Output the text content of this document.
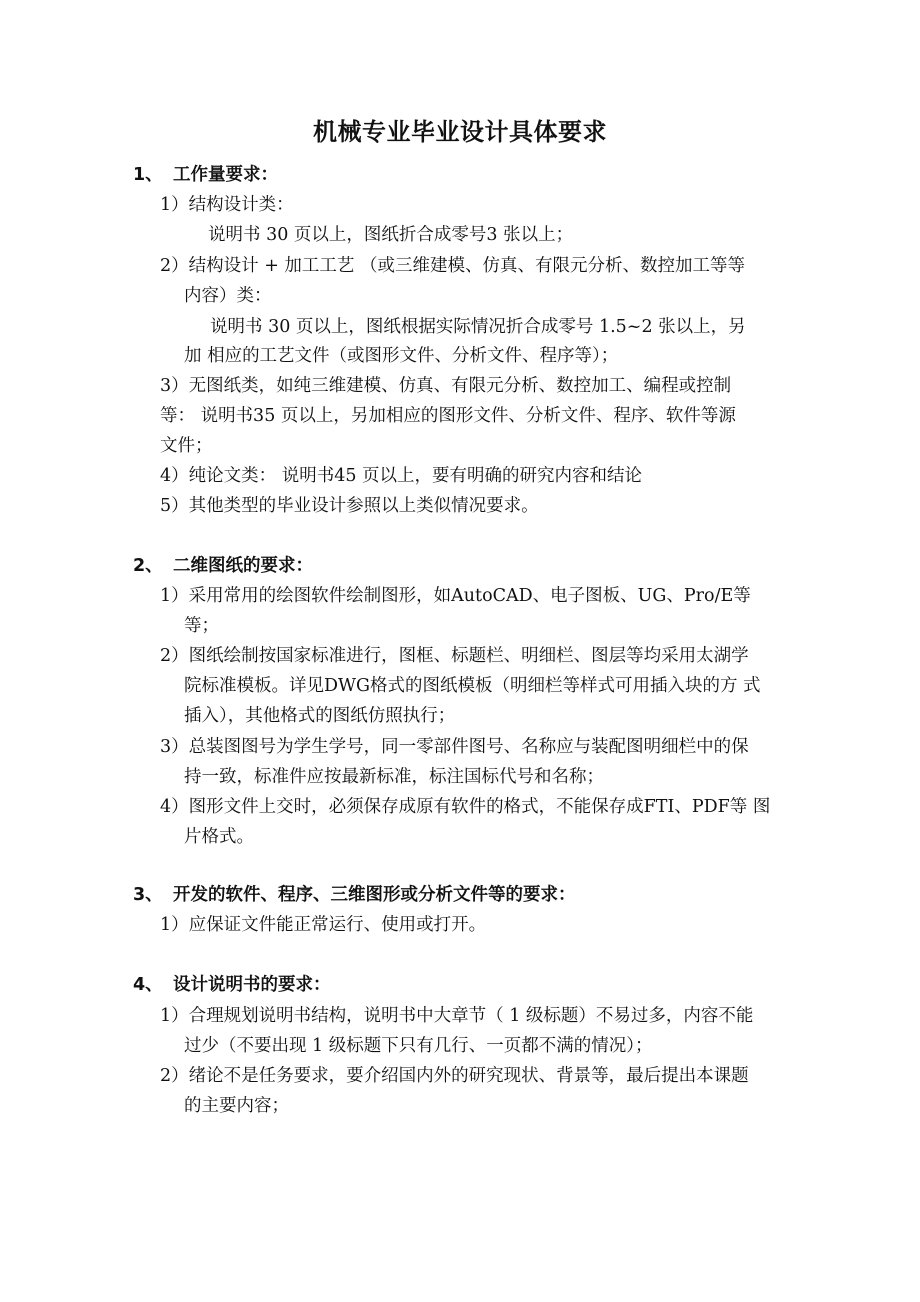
机械专业毕业设计具体要求
1、 工作量要求：
1）结构设计类：
说明书 30 页以上，图纸折合成零号3 张以上；
2）结构设计 + 加工工艺 （或三维建模、仿真、有限元分析、数控加工等等
内容）类：
说明书 30 页以上，图纸根据实际情况折合成零号 1.5~2 张以上，另
加 相应的工艺文件（或图形文件、分析文件、程序等）；
3）无图纸类，如纯三维建模、仿真、有限元分析、数控加工、编程或控制
等： 说明书35 页以上，另加相应的图形文件、分析文件、程序、软件等源
文件；
4）纯论文类： 说明书45 页以上，要有明确的研究内容和结论
5）其他类型的毕业设计参照以上类似情况要求。
2、 二维图纸的要求：
1）采用常用的绘图软件绘制图形，如AutoCAD、电子图板、UG、Pro/E等
等；
2）图纸绘制按国家标准进行，图框、标题栏、明细栏、图层等均采用太湖学
院标准模板。详见DWG格式的图纸模板（明细栏等样式可用插入块的方 式
插入），其他格式的图纸仿照执行；
3）总装图图号为学生学号，同一零部件图号、名称应与装配图明细栏中的保
持一致，标准件应按最新标准，标注国标代号和名称；
4）图形文件上交时，必须保存成原有软件的格式，不能保存成FTI、PDF等 图
片格式。
3、 开发的软件、程序、三维图形或分析文件等的要求：
1）应保证文件能正常运行、使用或打开。
4、 设计说明书的要求：
1）合理规划说明书结构，说明书中大章节（ 1 级标题）不易过多，内容不能
过少（不要出现 1 级标题下只有几行、一页都不满的情况）；
2）绪论不是任务要求，要介绍国内外的研究现状、背景等，最后提出本课题
的主要内容；
